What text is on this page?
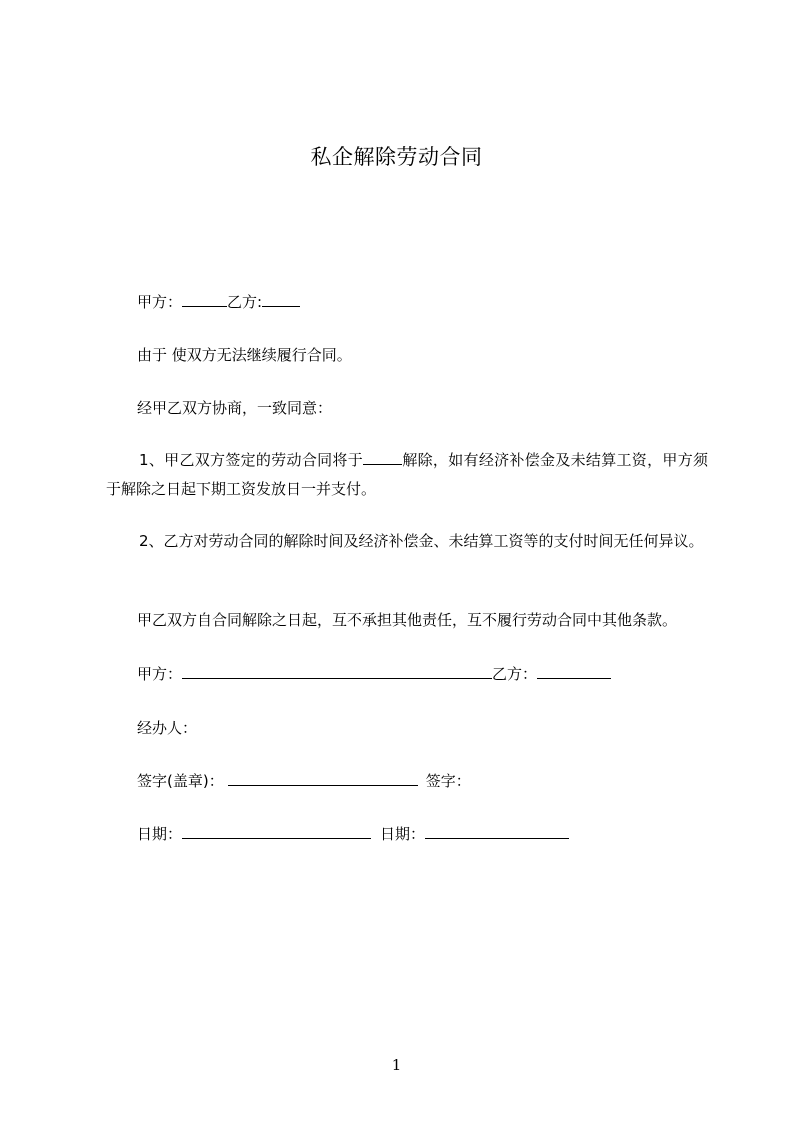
私企解除劳动合同
甲方：	乙方:
由于 使双方无法继续履行合同。
经甲乙双方协商，一致同意：
1、甲乙双方签定的劳动合同将于	解除，如有经济补偿金及未结算工资，甲方须于解除之日起下期工资发放日一并支付。
2、乙方对劳动合同的解除时间及经济补偿金、未结算工资等的支付时间无任何异议。
甲乙双方自合同解除之日起，互不承担其他责任，互不履行劳动合同中其他条款。
甲方：	乙方：
经办人：
签字(盖章)：	签字：
日期：	日期：
1
